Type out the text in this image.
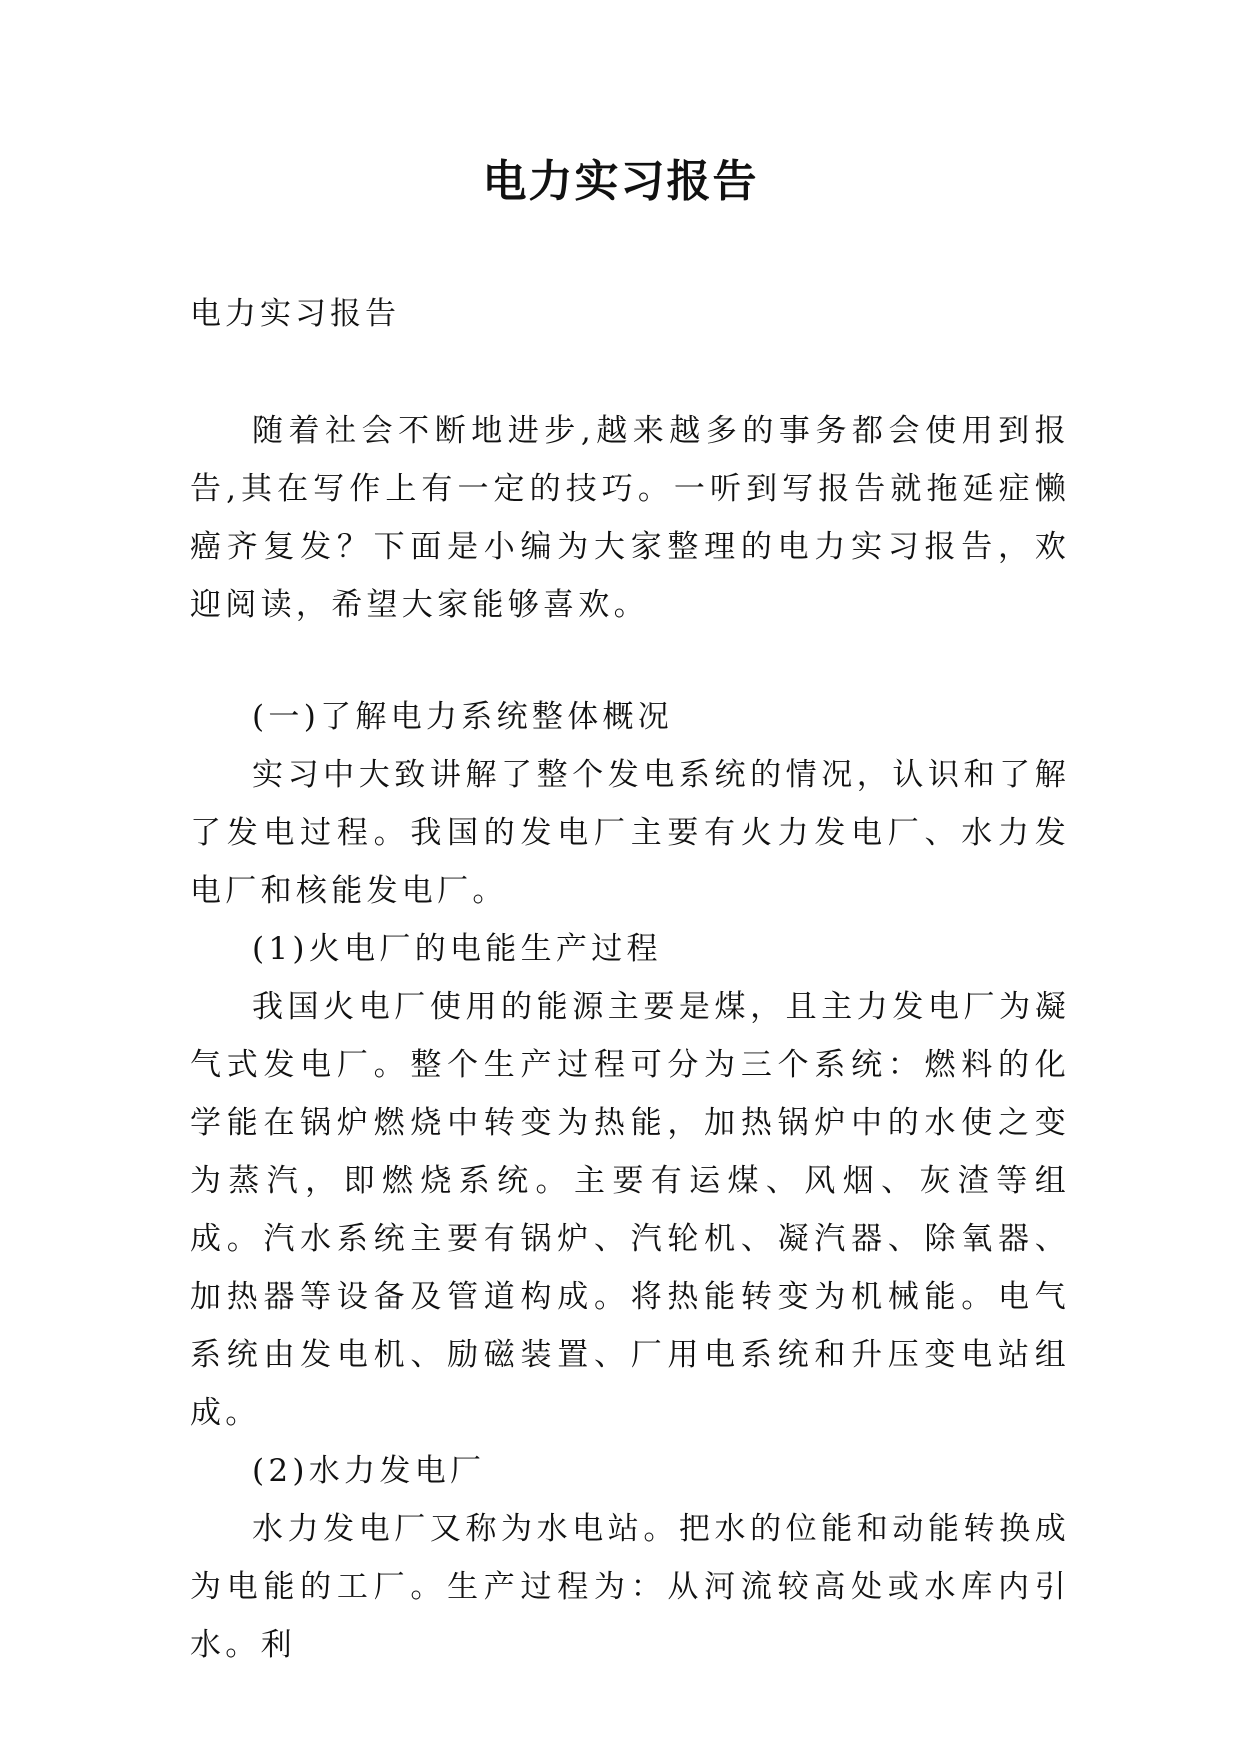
电力实习报告
电力实习报告

随着社会不断地进步,越来越多的事务都会使用到报告,其在写作上有一定的技巧。一听到写报告就拖延症懒癌齐复发？下面是小编为大家整理的电力实习报告，欢迎阅读，希望大家能够喜欢。

(一)了解电力系统整体概况

实习中大致讲解了整个发电系统的情况，认识和了解了发电过程。我国的发电厂主要有火力发电厂、水力发电厂和核能发电厂。

(1)火电厂的电能生产过程

我国火电厂使用的能源主要是煤，且主力发电厂为凝气式发电厂。整个生产过程可分为三个系统：燃料的化学能在锅炉燃烧中转变为热能，加热锅炉中的水使之变为蒸汽，即燃烧系统。主要有运煤、风烟、灰渣等组成。汽水系统主要有锅炉、汽轮机、凝汽器、除氧器、加热器等设备及管道构成。将热能转变为机械能。电气系统由发电机、励磁装置、厂用电系统和升压变电站组成。

(2)水力发电厂

水力发电厂又称为水电站。把水的位能和动能转换成为电能的工厂。生产过程为：从河流较高处或水库内引水。利
